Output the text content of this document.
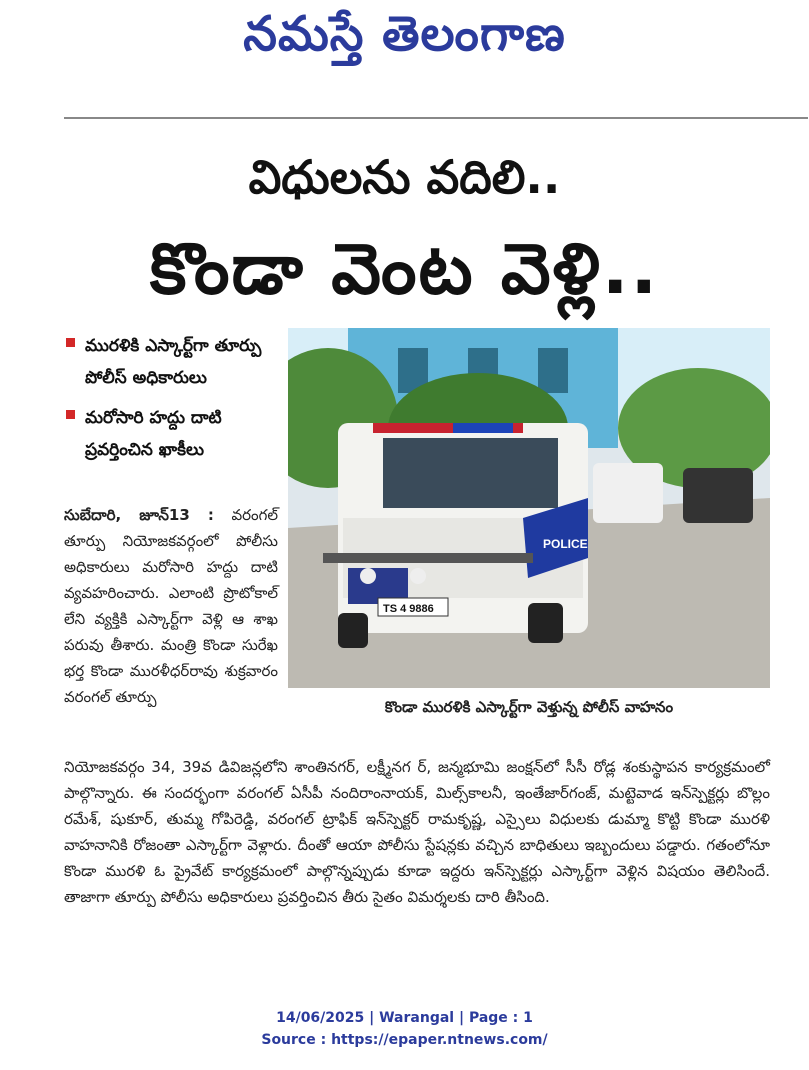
నమస్తే తెలంగాణ
విధులను వదిలి..
కొండా వెంట వెళ్లి..
మురళికి ఎస్కార్ట్‌గా తూర్పు పోలీస్ అధికారులు
మరోసారి హద్దు దాటి ప్రవర్తించిన ఖాకీలు
POLICE
TS 4 9886
కొండా మురళికి ఎస్కార్ట్‌గా వెళ్తున్న పోలీస్ వాహనం
సుబేదారి, జూన్13 : వరంగల్ తూర్పు నియోజకవర్గంలో పోలీసు అధికారులు మరోసారి హద్దు దాటి వ్యవహరించారు. ఎలాంటి ప్రొటోకాల్ లేని వ్యక్తికి ఎస్కార్ట్‌గా వెళ్లి ఆ శాఖ పరువు తీశారు. మంత్రి కొండా సురేఖ భర్త కొండా మురళీధర్‌రావు శుక్రవారం వరంగల్ తూర్పు
నియోజకవర్గం 34, 39వ డివిజన్లలోని శాంతినగర్, లక్ష్మీనగ ర్, జన్మభూమి జంక్షన్‌లో సీసీ రోడ్ల శంకుస్థాపన కార్యక్రమంలో పాల్గొన్నారు. ఈ సందర్భంగా వరంగల్ ఏసీపీ నందిరాంనాయక్, మిల్స్‌కాలనీ, ఇంతేజార్‌గంజ్, మట్టెవాడ ఇన్‌స్పెక్టర్లు బొల్లం రమేశ్, షుకూర్, తుమ్మ గోపిరెడ్డి, వరంగల్ ట్రాఫిక్ ఇన్‌స్పెక్టర్ రామకృష్ణ, ఎస్సైలు విధులకు డుమ్మా కొట్టి కొండా మురళి వాహనానికి రోజంతా ఎస్కార్ట్‌గా వెళ్లారు. దీంతో ఆయా పోలీసు స్టేషన్లకు వచ్చిన బాధితులు ఇబ్బందులు పడ్డారు. గతంలోనూ కొండా మురళి ఓ ప్రైవేట్ కార్యక్రమంలో పాల్గొన్నప్పుడు కూడా ఇద్దరు ఇన్‌స్పెక్టర్లు ఎస్కార్ట్‌గా వెళ్లిన విషయం తెలిసిందే. తాజాగా తూర్పు పోలీసు అధికారులు ప్రవర్తించిన తీరు సైతం విమర్శలకు దారి తీసింది.
14/06/2025 | Warangal | Page : 1
Source : https://epaper.ntnews.com/
